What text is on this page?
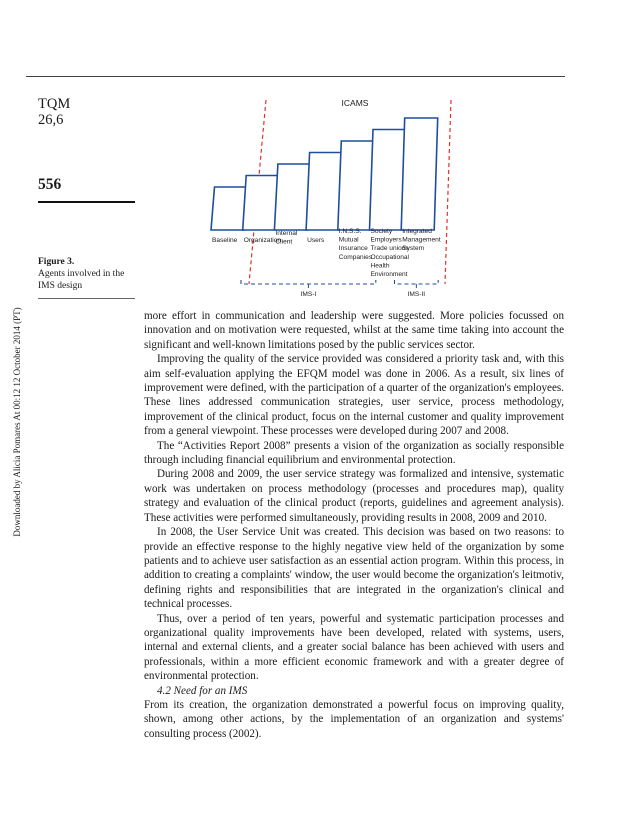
Downloaded by Alicia Pomares At 00:12 12 October 2014 (PT)
TQM
26,6
556
Figure 3.
Agents involved in the IMS design
ICAMS
Baseline Organization
Internal
Client Users
I.N.S.S.
Mutual
Insurance
Companies
Society
Employers
Trade unions
Occupational
Health
Environment
Integrated
Management
System
IMS-I	IMS-II

more effort in communication and leadership were suggested. More policies focussed on innovation and on motivation were requested, whilst at the same time taking into account the significant and well-known limitations posed by the public services sector.

Improving the quality of the service provided was considered a priority task and, with this aim self-evaluation applying the EFQM model was done in 2006. As a result, six lines of improvement were defined, with the participation of a quarter of the organization's employees. These lines addressed communication strategies, user service, process methodology, improvement of the clinical product, focus on the internal customer and quality improvement from a general viewpoint. These processes were developed during 2007 and 2008.

The “Activities Report 2008” presents a vision of the organization as socially responsible through including financial equilibrium and environmental protection.

During 2008 and 2009, the user service strategy was formalized and intensive, systematic work was undertaken on process methodology (processes and procedures map), quality strategy and evaluation of the clinical product (reports, guidelines and agreement analysis). These activities were performed simultaneously, providing results in 2008, 2009 and 2010.

In 2008, the User Service Unit was created. This decision was based on two reasons: to provide an effective response to the highly negative view held of the organization by some patients and to achieve user satisfaction as an essential action program. Within this process, in addition to creating a complaints' window, the user would become the organization's leitmotiv, defining rights and responsibilities that are integrated in the organization's clinical and technical processes.

Thus, over a period of ten years, powerful and systematic participation processes and organizational quality improvements have been developed, related with systems, users, internal and external clients, and a greater social balance has been achieved with users and professionals, within a more efficient economic framework and with a greater degree of environmental protection.

4.2 Need for an IMS

From its creation, the organization demonstrated a powerful focus on improving quality, shown, among other actions, by the implementation of an organization and systems' consulting process (2002).
